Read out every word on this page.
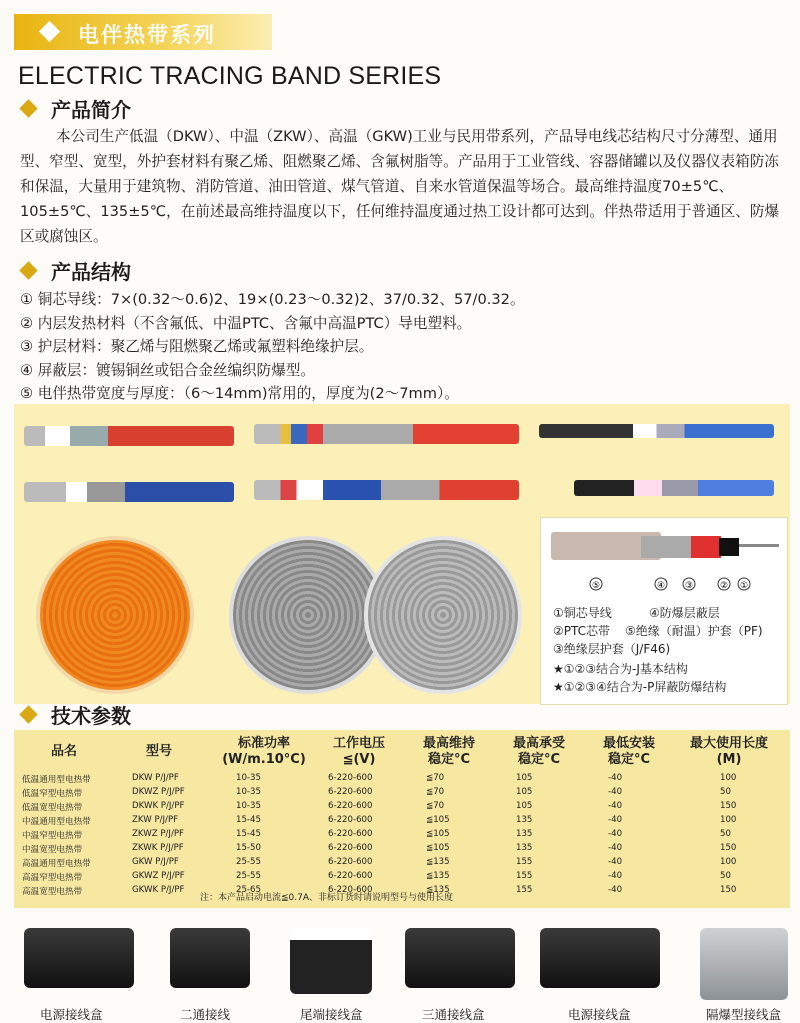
电伴热带系列
ELECTRIC TRACING BAND SERIES
产品简介
本公司生产低温（DKW）、中温（ZKW）、高温（GKW)工业与民用带系列，产品导电线芯结构尺寸分薄型、通用型、窄型、宽型，外护套材料有聚乙烯、阻燃聚乙烯、含氟树脂等。产品用于工业管线、容器储罐以及仪器仪表箱防冻和保温，大量用于建筑物、消防管道、油田管道、煤气管道、自来水管道保温等场合。最高维持温度70±5℃、105±5℃、135±5℃，在前述最高维持温度以下，任何维持温度通过热工设计都可达到。伴热带适用于普通区、防爆区或腐蚀区。
产品结构
① 铜芯导线：7×(0.32～0.6)2、19×(0.23～0.32)2、37/0.32、57/0.32。
② 内层发热材料（不含氟低、中温PTC、含氟中高温PTC）导电塑料。
③ 护层材料：聚乙烯与阻燃聚乙烯或氟塑料绝缘护层。
④ 屏蔽层：镀锡铜丝或铝合金丝编织防爆型。
⑤ 电伴热带宽度与厚度：（6～14mm)常用的，厚度为(2～7mm）。
⑤	④ ③	② ①
①铜芯导线	④防爆层蔽层
②PTC芯带 ⑤绝缘（耐温）护套（PF)
③绝缘层护套（J/F46)
★①②③结合为-J基本结构
★①②③④结合为-P屏蔽防爆结构
技术参数
品名	型号
标准功率
(W/m.10°C)
工作电压
≦(V)
最高维持
稳定°C
最高承受
稳定°C
最低安装
稳定°C
最大使用长度
(M)
低温通用型电热带	DKW P/J/PF	10-35	6-220-600	≦70	105	-40	100
低温窄型电热带	DKWZ P/J/PF	10-35	6-220-600	≦70	105	-40	50
低温宽型电热带	DKWK P/J/PF	10-35	6-220-600	≦70	105	-40	150
中温通用型电热带	ZKW P/J/PF	15-45	6-220-600	≦105	135	-40	100
中温窄型电热带	ZKWZ P/J/PF	15-45	6-220-600	≦105	135	-40	50
中温宽型电热带	ZKWK P/J/PF	15-50	6-220-600	≦105	135	-40	150
高温通用型电热带	GKW P/J/PF	25-55	6-220-600	≦135	155	-40	100
高温窄型电热带	GKWZ P/J/PF	25-55	6-220-600	≦135	155	-40	50
高温宽型电热带	GKWK P/J/PF	25-65	6-220-600	≦135	155	-40	150
注：本产品启动电流≦0.7A、非标订货时请说明型号与使用长度
电源接线盒	二通接线	尾端接线盒	三通接线盒	电源接线盒	隔爆型接线盒
